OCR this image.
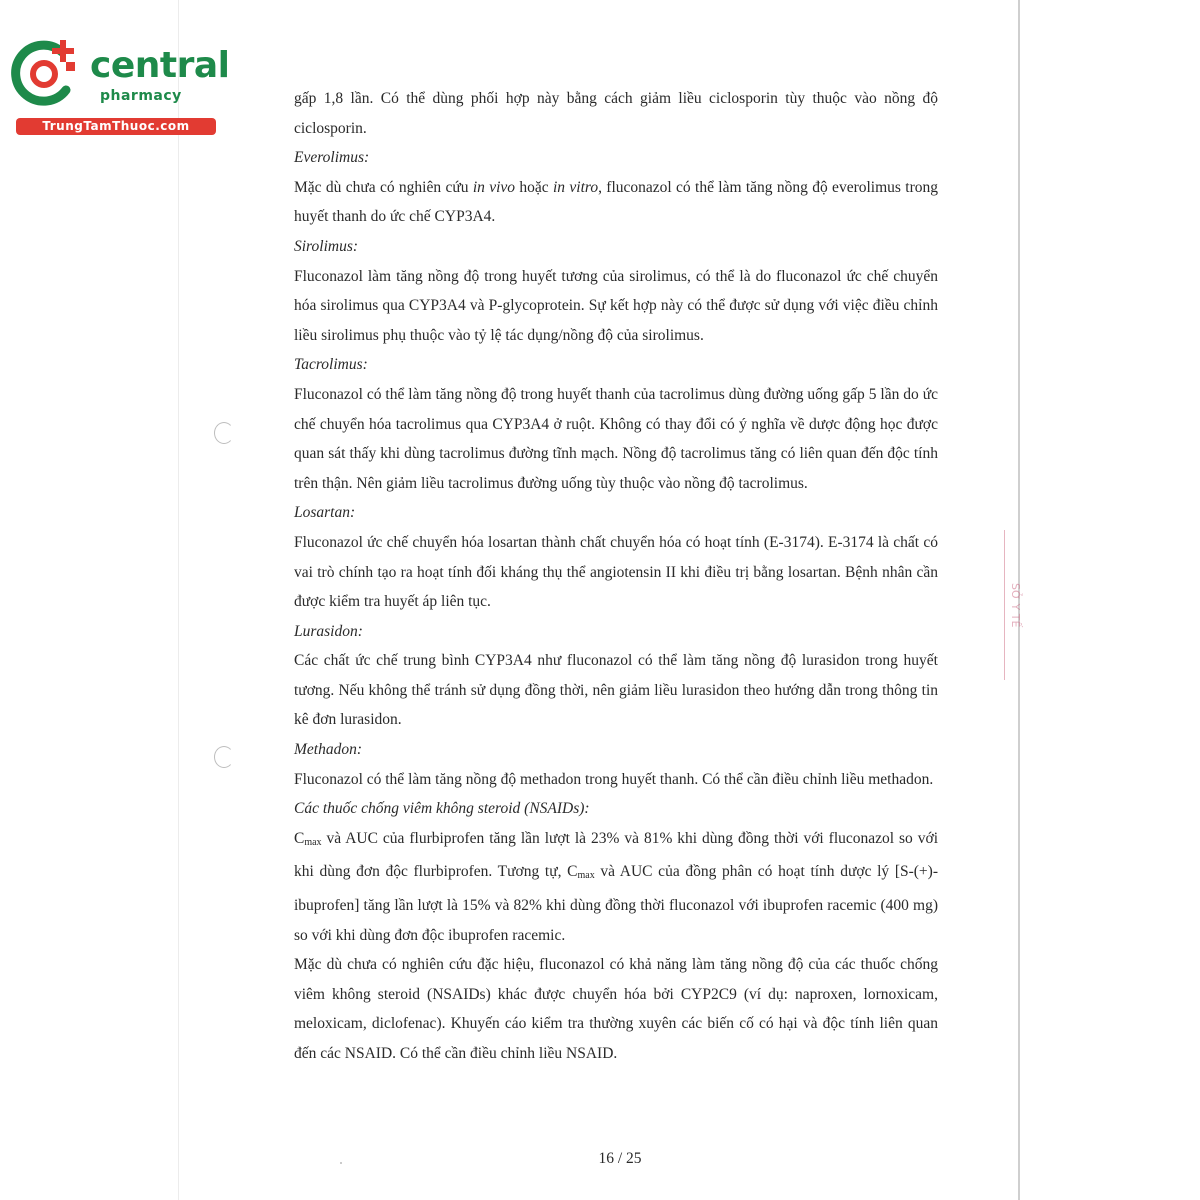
SỞ Y TẾ
central
pharmacy
TrungTamThuoc.com

gấp 1,8 lần. Có thể dùng phối hợp này bằng cách giảm liều ciclosporin tùy thuộc vào nồng độ ciclosporin.

Everolimus:

Mặc dù chưa có nghiên cứu in vivo hoặc in vitro, fluconazol có thể làm tăng nồng độ everolimus trong huyết thanh do ức chế CYP3A4.

Sirolimus:

Fluconazol làm tăng nồng độ trong huyết tương của sirolimus, có thể là do fluconazol ức chế chuyển hóa sirolimus qua CYP3A4 và P-glycoprotein. Sự kết hợp này có thể được sử dụng với việc điều chỉnh liều sirolimus phụ thuộc vào tỷ lệ tác dụng/nồng độ của sirolimus.

Tacrolimus:

Fluconazol có thể làm tăng nồng độ trong huyết thanh của tacrolimus dùng đường uống gấp 5 lần do ức chế chuyển hóa tacrolimus qua CYP3A4 ở ruột. Không có thay đổi có ý nghĩa về dược động học được quan sát thấy khi dùng tacrolimus đường tĩnh mạch. Nồng độ tacrolimus tăng có liên quan đến độc tính trên thận. Nên giảm liều tacrolimus đường uống tùy thuộc vào nồng độ tacrolimus.

Losartan:

Fluconazol ức chế chuyển hóa losartan thành chất chuyển hóa có hoạt tính (E-3174). E-3174 là chất có vai trò chính tạo ra hoạt tính đối kháng thụ thể angiotensin II khi điều trị bằng losartan. Bệnh nhân cần được kiểm tra huyết áp liên tục.

Lurasidon:

Các chất ức chế trung bình CYP3A4 như fluconazol có thể làm tăng nồng độ lurasidon trong huyết tương. Nếu không thể tránh sử dụng đồng thời, nên giảm liều lurasidon theo hướng dẫn trong thông tin kê đơn lurasidon.

Methadon:

Fluconazol có thể làm tăng nồng độ methadon trong huyết thanh. Có thể cần điều chỉnh liều methadon.

Các thuốc chống viêm không steroid (NSAIDs):

$C_{max}$ và AUC của flurbiprofen tăng lần lượt là 23% và 81% khi dùng đồng thời với fluconazol so với khi dùng đơn độc flurbiprofen. Tương tự, $C_{max}$ và AUC của đồng phân có hoạt tính dược lý [S-(+)- ibuprofen] tăng lần lượt là 15% và 82% khi dùng đồng thời fluconazol với ibuprofen racemic (400 mg) so với khi dùng đơn độc ibuprofen racemic.

Mặc dù chưa có nghiên cứu đặc hiệu, fluconazol có khả năng làm tăng nồng độ của các thuốc chống viêm không steroid (NSAIDs) khác được chuyển hóa bởi CYP2C9 (ví dụ: naproxen, lornoxicam, meloxicam, diclofenac). Khuyến cáo kiểm tra thường xuyên các biến cố có hại và độc tính liên quan đến các NSAID. Có thể cần điều chỉnh liều NSAID.

16 / 25
